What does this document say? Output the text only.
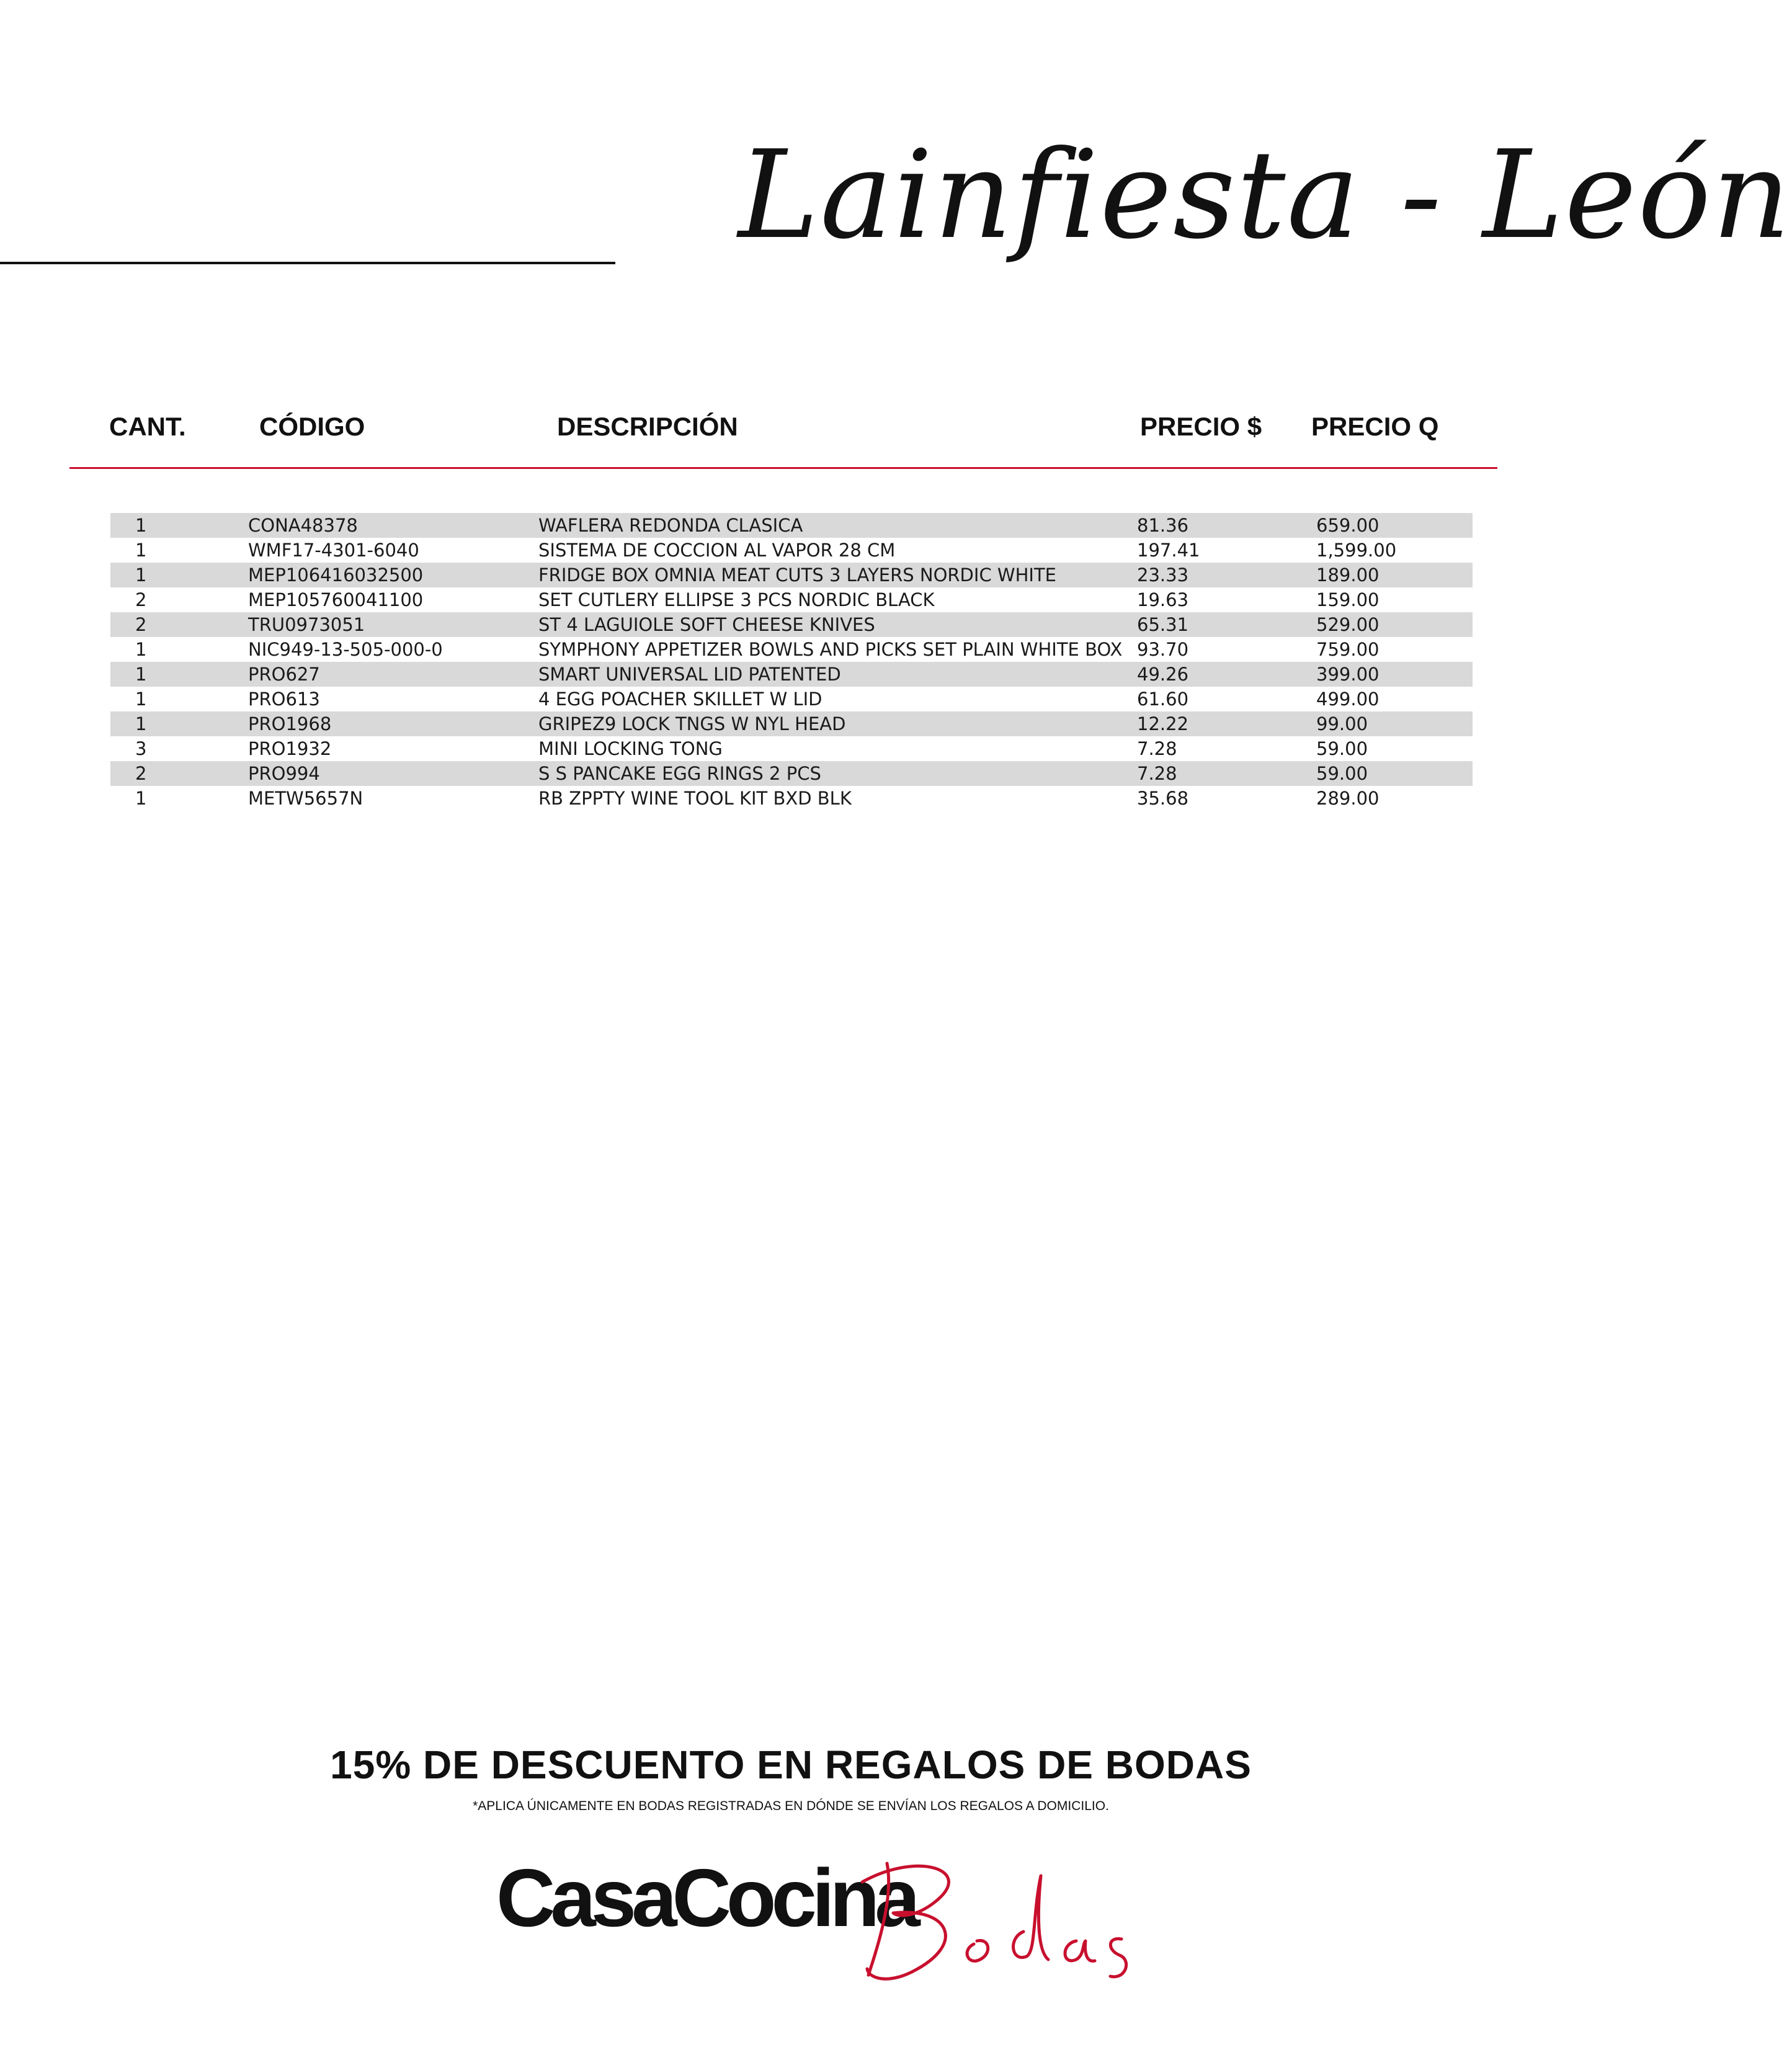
Lainfiesta - León
CANT.	CÓDIGO	DESCRIPCIÓN	PRECIO $ PRECIO Q
1	CONA48378	WAFLERA REDONDA CLASICA	81.36	659.00
1	WMF17-4301-6040	SISTEMA DE COCCION AL VAPOR 28 CM	197.41	1,599.00
1	MEP106416032500	FRIDGE BOX OMNIA MEAT CUTS 3 LAYERS NORDIC WHITE	23.33	189.00
2	MEP105760041100	SET CUTLERY ELLIPSE 3 PCS NORDIC BLACK	19.63	159.00
2	TRU0973051	ST 4 LAGUIOLE SOFT CHEESE KNIVES	65.31	529.00
1	NIC949-13-505-000-0	SYMPHONY APPETIZER BOWLS AND PICKS SET PLAIN WHITE BOX 93.70	759.00
1	PRO627	SMART UNIVERSAL LID PATENTED	49.26	399.00
1	PRO613	4 EGG POACHER SKILLET W LID	61.60	499.00
1	PRO1968	GRIPEZ9 LOCK TNGS W NYL HEAD	12.22	99.00
3	PRO1932	MINI LOCKING TONG	7.28	59.00
2	PRO994	S S PANCAKE EGG RINGS 2 PCS	7.28	59.00
1	METW5657N	RB ZPPTY WINE TOOL KIT BXD BLK	35.68	289.00
15% DE DESCUENTO EN REGALOS DE BODAS
*APLICA ÚNICAMENTE EN BODAS REGISTRADAS EN DÓNDE SE ENVÍAN LOS REGALOS A DOMICILIO.
CasaCocina
